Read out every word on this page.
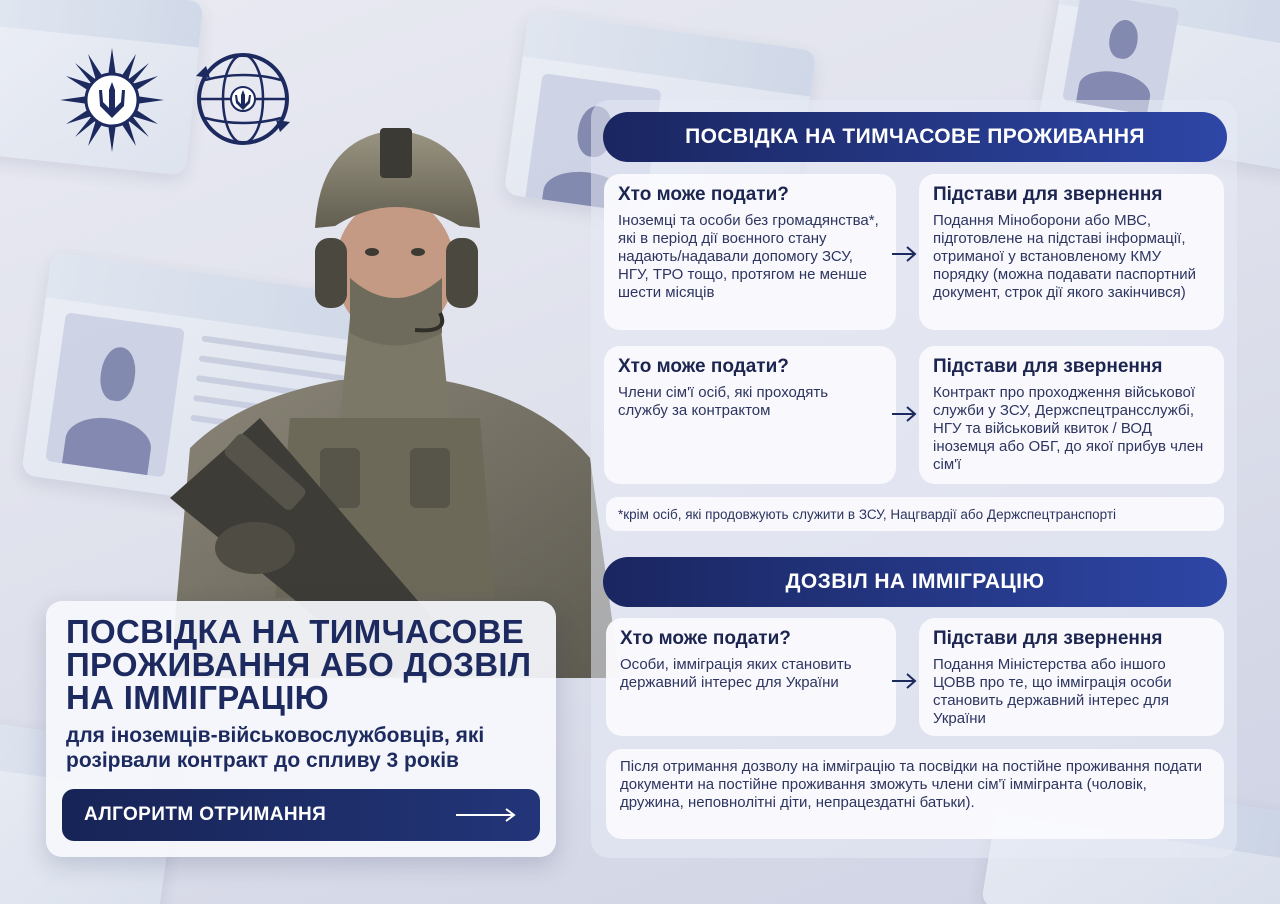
ПОСВІДКА НА ТИМЧАСОВЕ
ПРОЖИВАННЯ АБО ДОЗВІЛ
НА ІММІГРАЦІЮ
для іноземців-військовослужбовців, які
розірвали контракт до спливу 3 років
АЛГОРИТМ ОТРИМАННЯ
ПОСВІДКА НА ТИМЧАСОВЕ ПРОЖИВАННЯ
Хто може подати?
Іноземці та особи без громадянства*, які в період дії воєнного стану надають/надавали допомогу ЗСУ, НГУ, ТРО тощо, протягом не менше шести місяців
Підстави для звернення
Подання Міноборони або МВС, підготовлене на підставі інформації, отриманої у встановленому КМУ порядку (можна подавати паспортний документ, строк дії якого закінчився)
Хто може подати?
Члени сім'ї осіб, які проходять службу за контрактом
Підстави для звернення
Контракт про проходження військової служби у ЗСУ, Держспецтрансслужбі, НГУ та військовий квиток / ВОД іноземця або ОБГ, до якої прибув член сім'ї
*крім осіб, які продовжують служити в ЗСУ, Нацгвардії або Держспецтранспорті
ДОЗВІЛ НА ІММІГРАЦІЮ
Хто може подати?
Особи, імміграція яких становить державний інтерес для України
Підстави для звернення
Подання Міністерства або іншого ЦОВВ про те, що імміграція особи становить державний інтерес для України
Після отримання дозволу на імміграцію та посвідки на постійне проживання подати документи на постійне проживання зможуть члени сім'ї іммігранта (чоловік, дружина, неповнолітні діти, непрацездатні батьки).
